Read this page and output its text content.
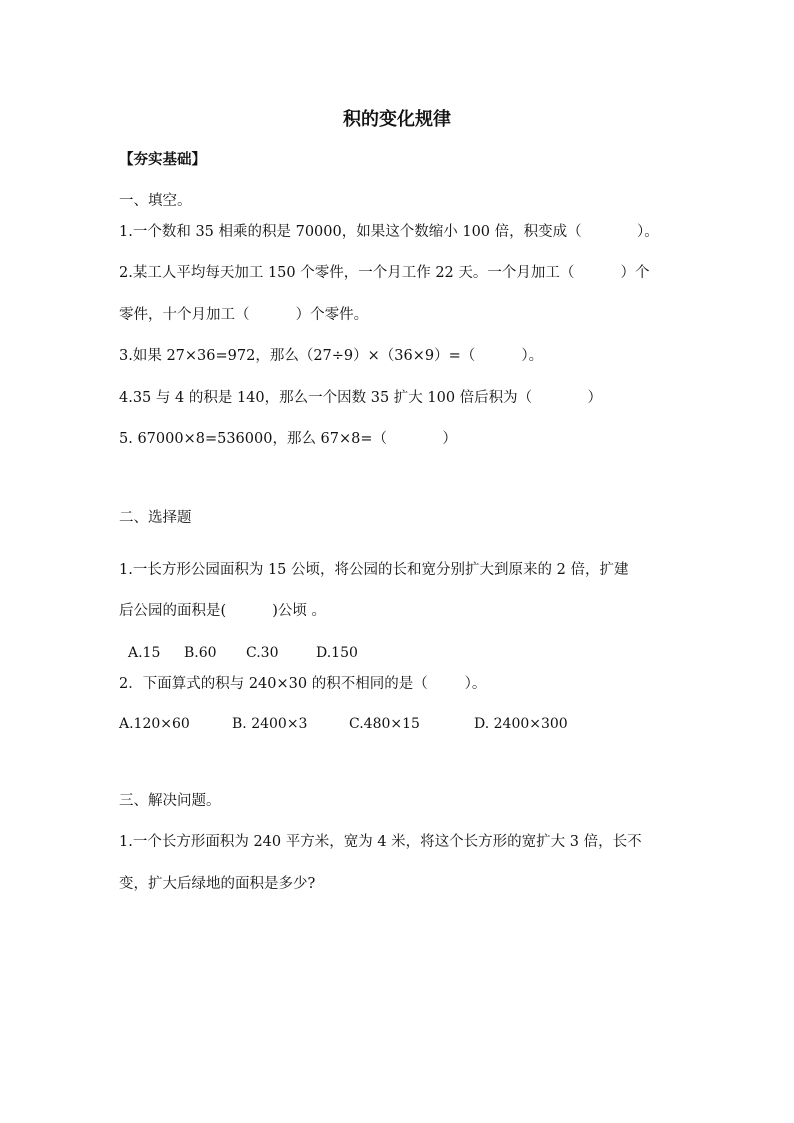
积的变化规律
【夯实基础】
一、填空。
1.一个数和 35 相乘的积是 70000，如果这个数缩小 100 倍，积变成（            ）。
2.某工人平均每天加工 150 个零件，一个月工作 22 天。一个月加工（          ）个
零件，十个月加工（          ）个零件。
3.如果 27×36=972，那么（27÷9）×（36×9）=（          ）。
4.35 与 4 的积是 140，那么一个因数 35 扩大 100 倍后积为（            ）
5. 67000×8=536000，那么 67×8=（            ）
二、选择题
1.一长方形公园面积为 15 公顷，将公园的长和宽分别扩大到原来的 2 倍，扩建
后公园的面积是(          )公顷 。
A.15 B.60 C.30	D.150
2．下面算式的积与 240×30 的积不相同的是（        ）。
A.120×60	B. 2400×3	C.480×15	D. 2400×300
三、解决问题。
1.一个长方形面积为 240 平方米，宽为 4 米，将这个长方形的宽扩大 3 倍，长不
变，扩大后绿地的面积是多少?
